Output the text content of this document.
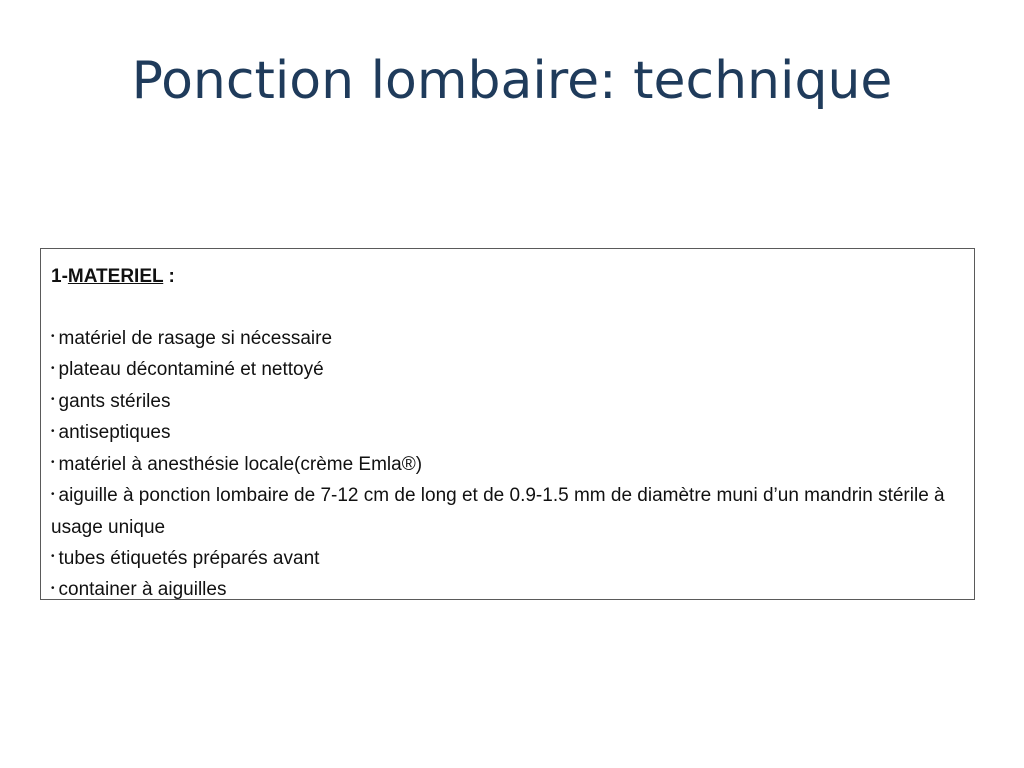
Ponction lombaire: technique

1-MATERIEL :

• matériel de rasage si nécessaire

• plateau décontaminé et nettoyé

• gants stériles

• antiseptiques

• matériel à anesthésie locale(crème Emla®)

• aiguille à ponction lombaire de 7-12 cm de long et de 0.9-1.5 mm de diamètre muni d’un mandrin stérile à usage unique

• tubes étiquetés préparés avant

• container à aiguilles
